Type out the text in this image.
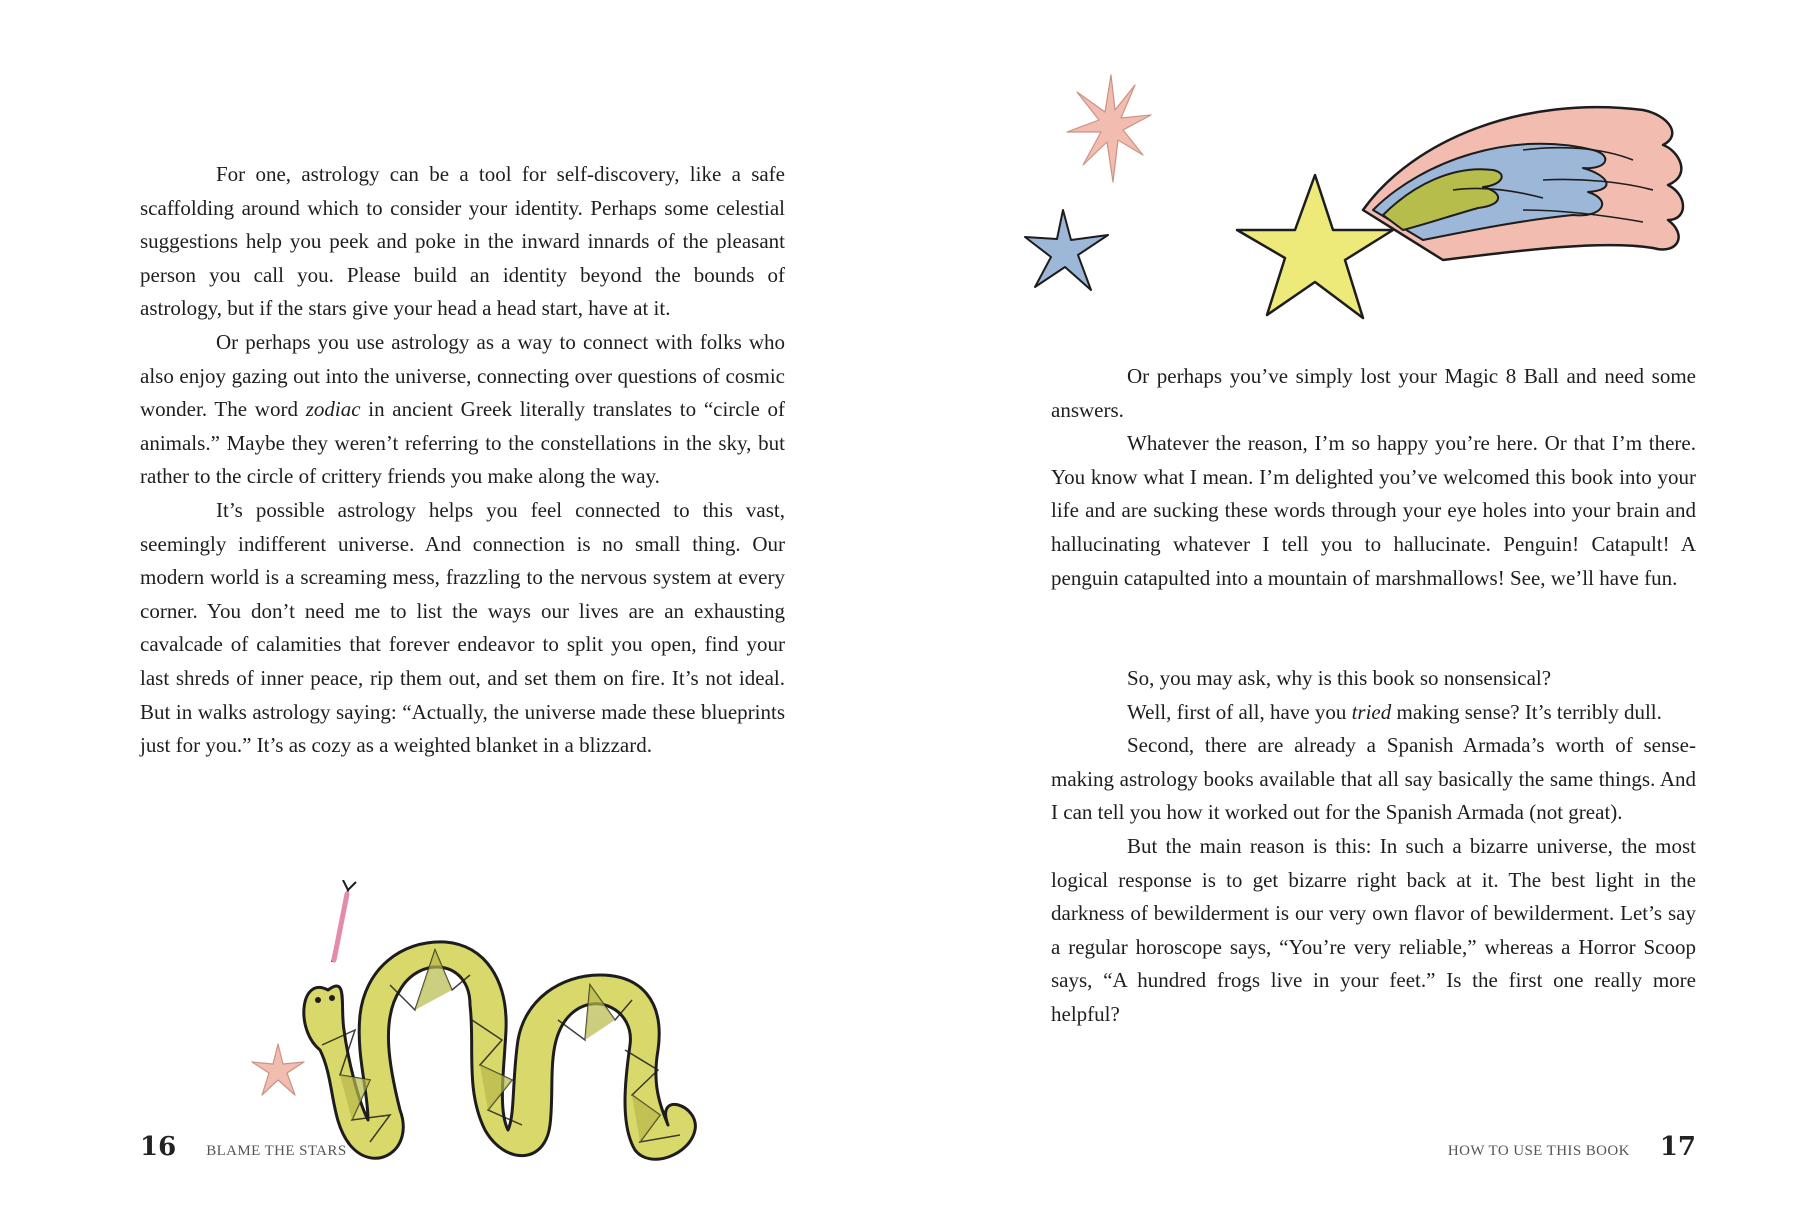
For one, astrology can be a tool for self-discovery, like a safe scaffolding around which to consider your identity. Perhaps some celestial suggestions help you peek and poke in the inward innards of the pleasant person you call you. Please build an identity beyond the bounds of astrology, but if the stars give your head a head start, have at it.

Or perhaps you use astrology as a way to connect with folks who also enjoy gazing out into the universe, connecting over questions of cosmic wonder. The word zodiac in ancient Greek literally translates to “circle of animals.” Maybe they weren’t referring to the constellations in the sky, but rather to the circle of crittery friends you make along the way.

It’s possible astrology helps you feel connected to this vast, seemingly indifferent universe. And connection is no small thing. Our modern world is a screaming mess, frazzling to the nervous system at every corner. You don’t need me to list the ways our lives are an exhausting cavalcade of calamities that forever endeavor to split you open, find your last shreds of inner peace, rip them out, and set them on fire. It’s not ideal. But in walks astrology saying: “Actually, the universe made these blueprints just for you.” It’s as cozy as a weighted blanket in a blizzard.

16 BLAME THE STARS

Or perhaps you’ve simply lost your Magic 8 Ball and need some answers.

Whatever the reason, I’m so happy you’re here. Or that I’m there. You know what I mean. I’m delighted you’ve welcomed this book into your life and are sucking these words through your eye holes into your brain and hallucinating whatever I tell you to hallucinate. Penguin! Catapult! A penguin catapulted into a mountain of marshmallows! See, we’ll have fun.

So, you may ask, why is this book so nonsensical?

Well, first of all, have you tried making sense? It’s terribly dull.

Second, there are already a Spanish Armada’s worth of sense-making astrology books available that all say basically the same things. And I can tell you how it worked out for the Spanish Armada (not great).

But the main reason is this: In such a bizarre universe, the most logical response is to get bizarre right back at it. The best light in the darkness of bewilderment is our very own flavor of bewilderment. Let’s say a regular horoscope says, “You’re very reliable,” whereas a Horror Scoop says, “A hundred frogs live in your feet.” Is the first one really more helpful?

HOW TO USE THIS BOOK 17
